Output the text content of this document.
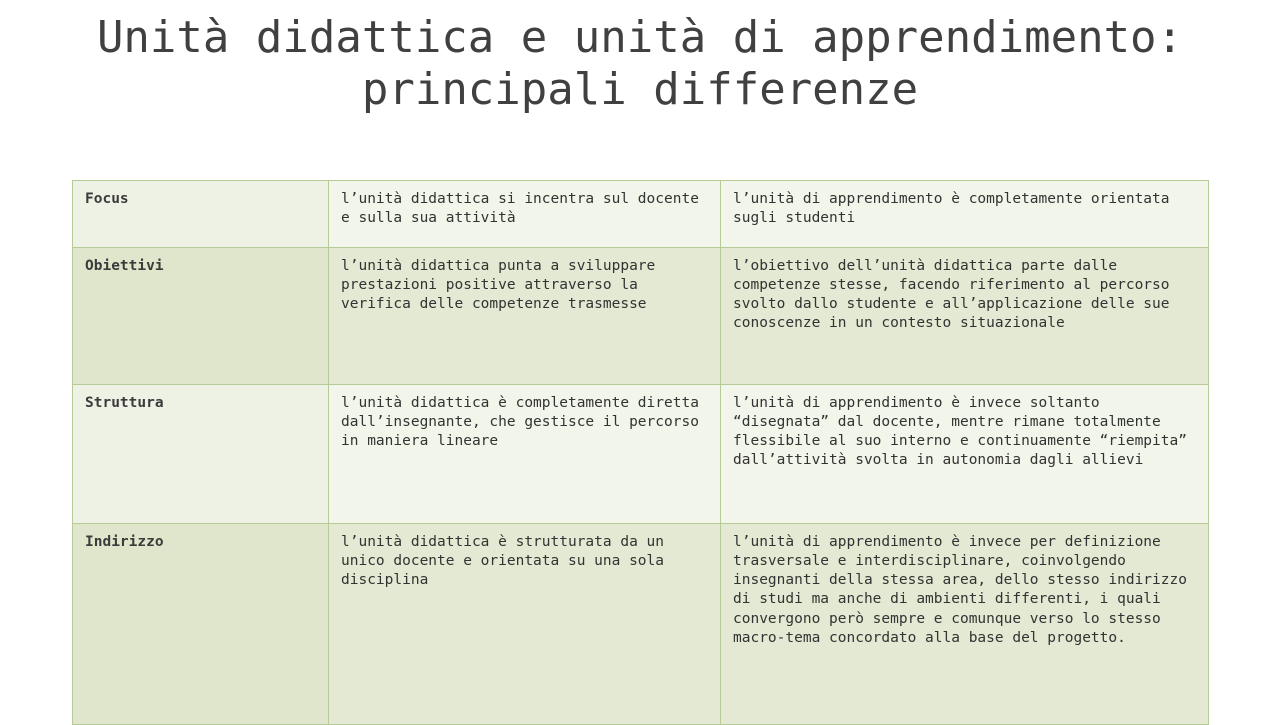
Unità didattica e unità di apprendimento: principali differenze
Focus	l’unità didattica si incentra sul docente e sulla sua attività	l’unità di apprendimento è completamente orientata sugli studenti
Obiettivi	l’unità didattica punta a sviluppare prestazioni positive attraverso la verifica delle competenze trasmesse	l’obiettivo dell’unità didattica parte dalle competenze stesse, facendo riferimento al percorso svolto dallo studente e all’applicazione delle sue conoscenze in un contesto situazionale
Struttura	l’unità didattica è completamente diretta dall’insegnante, che gestisce il percorso in maniera lineare	l’unità di apprendimento è invece soltanto “disegnata” dal docente, mentre rimane totalmente flessibile al suo interno e continuamente “riempita” dall’attività svolta in autonomia dagli allievi
Indirizzo	l’unità didattica è strutturata da un unico docente e orientata su una sola disciplina	l’unità di apprendimento è invece per definizione trasversale e interdisciplinare, coinvolgendo insegnanti della stessa area, dello stesso indirizzo di studi ma anche di ambienti differenti, i quali convergono però sempre e comunque verso lo stesso macro-tema concordato alla base del progetto.
